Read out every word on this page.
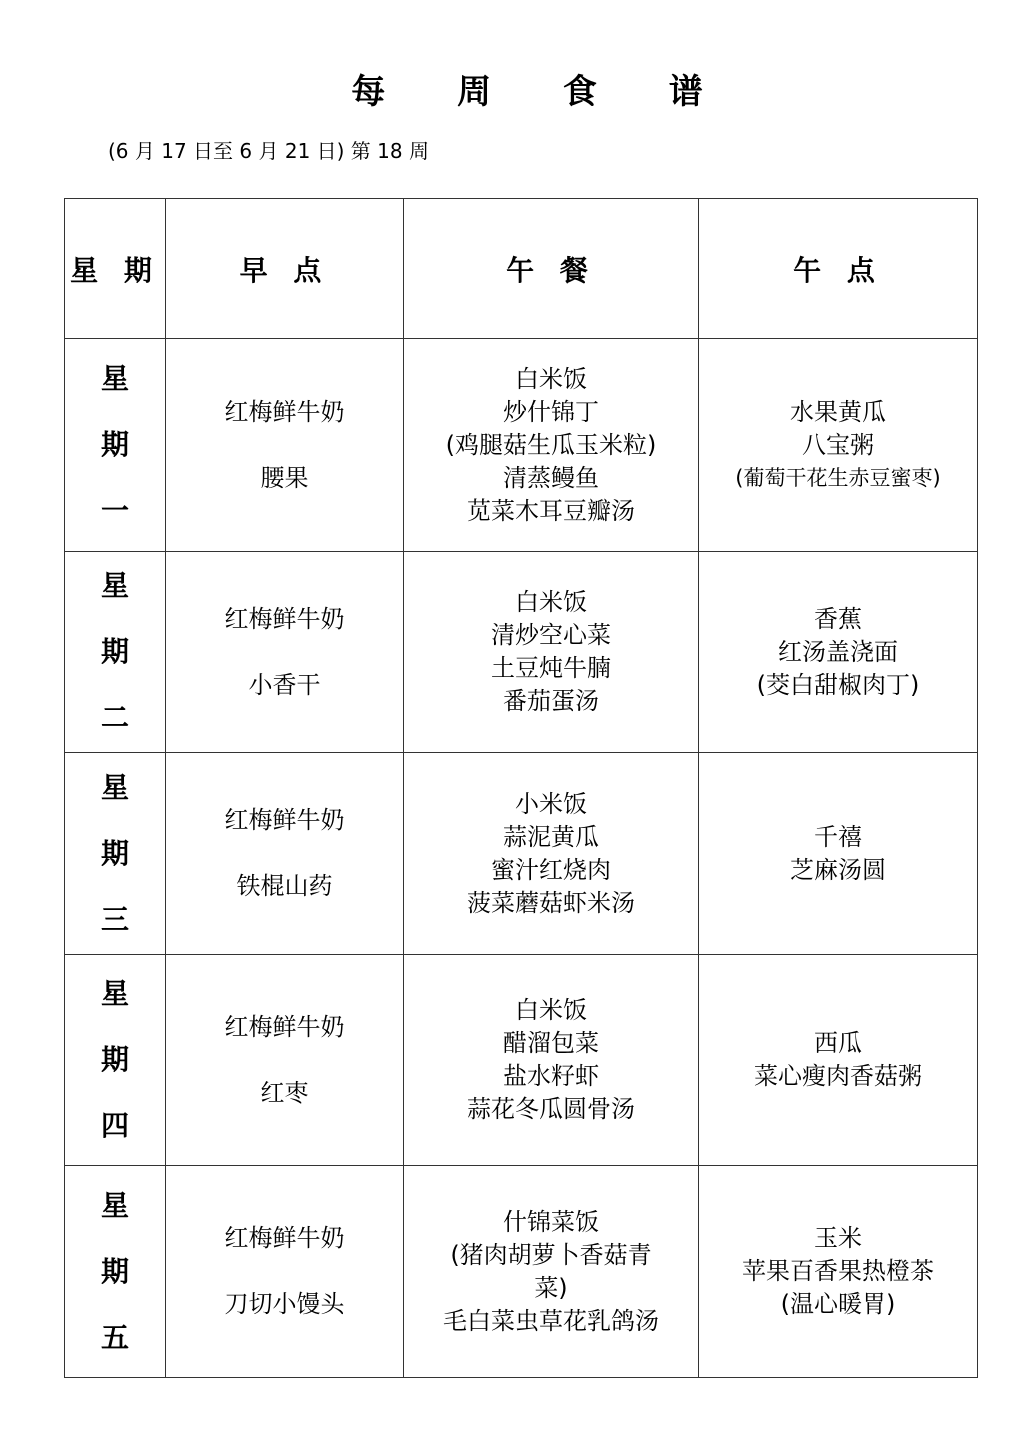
每 周 食 谱
(6 月 17 日至 6 月 21 日) 第 18 周
星 期	早 点	午 餐	午 点

星
期
一	红梅鲜牛奶
腰果	白米饭
炒什锦丁
(鸡腿菇生瓜玉米粒)
清蒸鳗鱼
苋菜木耳豆瓣汤	水果黄瓜
八宝粥
(葡萄干花生赤豆蜜枣)

星
期
二	红梅鲜牛奶
小香干	白米饭
清炒空心菜
土豆炖牛腩
番茄蛋汤	香蕉
红汤盖浇面
(茭白甜椒肉丁)

星
期
三	红梅鲜牛奶
铁棍山药	小米饭
蒜泥黄瓜
蜜汁红烧肉
菠菜蘑菇虾米汤	千禧
芝麻汤圆

星
期
四	红梅鲜牛奶
红枣	白米饭
醋溜包菜
盐水籽虾
蒜花冬瓜圆骨汤	西瓜
菜心瘦肉香菇粥

星
期
五	红梅鲜牛奶
刀切小馒头	什锦菜饭
(猪肉胡萝卜香菇青
菜)
毛白菜虫草花乳鸽汤	玉米
苹果百香果热橙茶
(温心暖胃)
